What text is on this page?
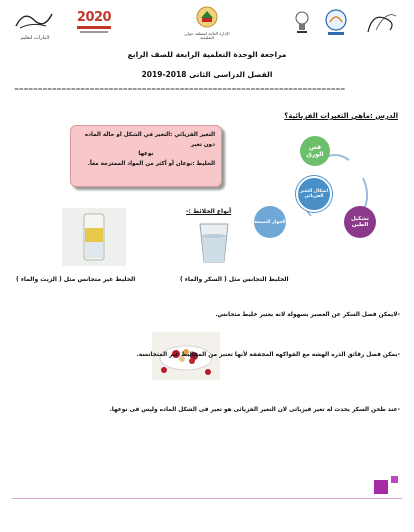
لامارات لتعليم
2020
الإدارة العامة لمنطقة حولي التعليمية
مراجعة الوحدة التعلمية الرابعة للصف الرابع
الفصل الدراسى الثانى 2018-2019
======================================================================
الدرس :ماهي التغيرات الفزيائية؟
التغير الفزيائي :التغير في الشكل او حالة الماده دون تغير
نوعها
الخليط :نوعان أو أكثر من المواد الممتزجة معاً.
قص الورق
اشكال التغير الفزيائى
تشكيل الطين
الجهاز الشمعة
أنواع الخلائط :-
الخليط التجانس مثل ( السكر والماء )
الخليط غير متجانس مثل ( الزيت والماء )
-لايمكن فصل السكر عن العصير بسهولة لانه يعتبر خليط متجانس.
-يمكن فصل رقائق الذره الهشه مع الفواكهه المجففه لأنها تعتبر من المخاليط غير المتجانسه.
-عند طحن السكر يحدث له تغير فيزيائى لان التغير الفزيائى هو تغير فى الشكل الماده وليس فى نوعها.
